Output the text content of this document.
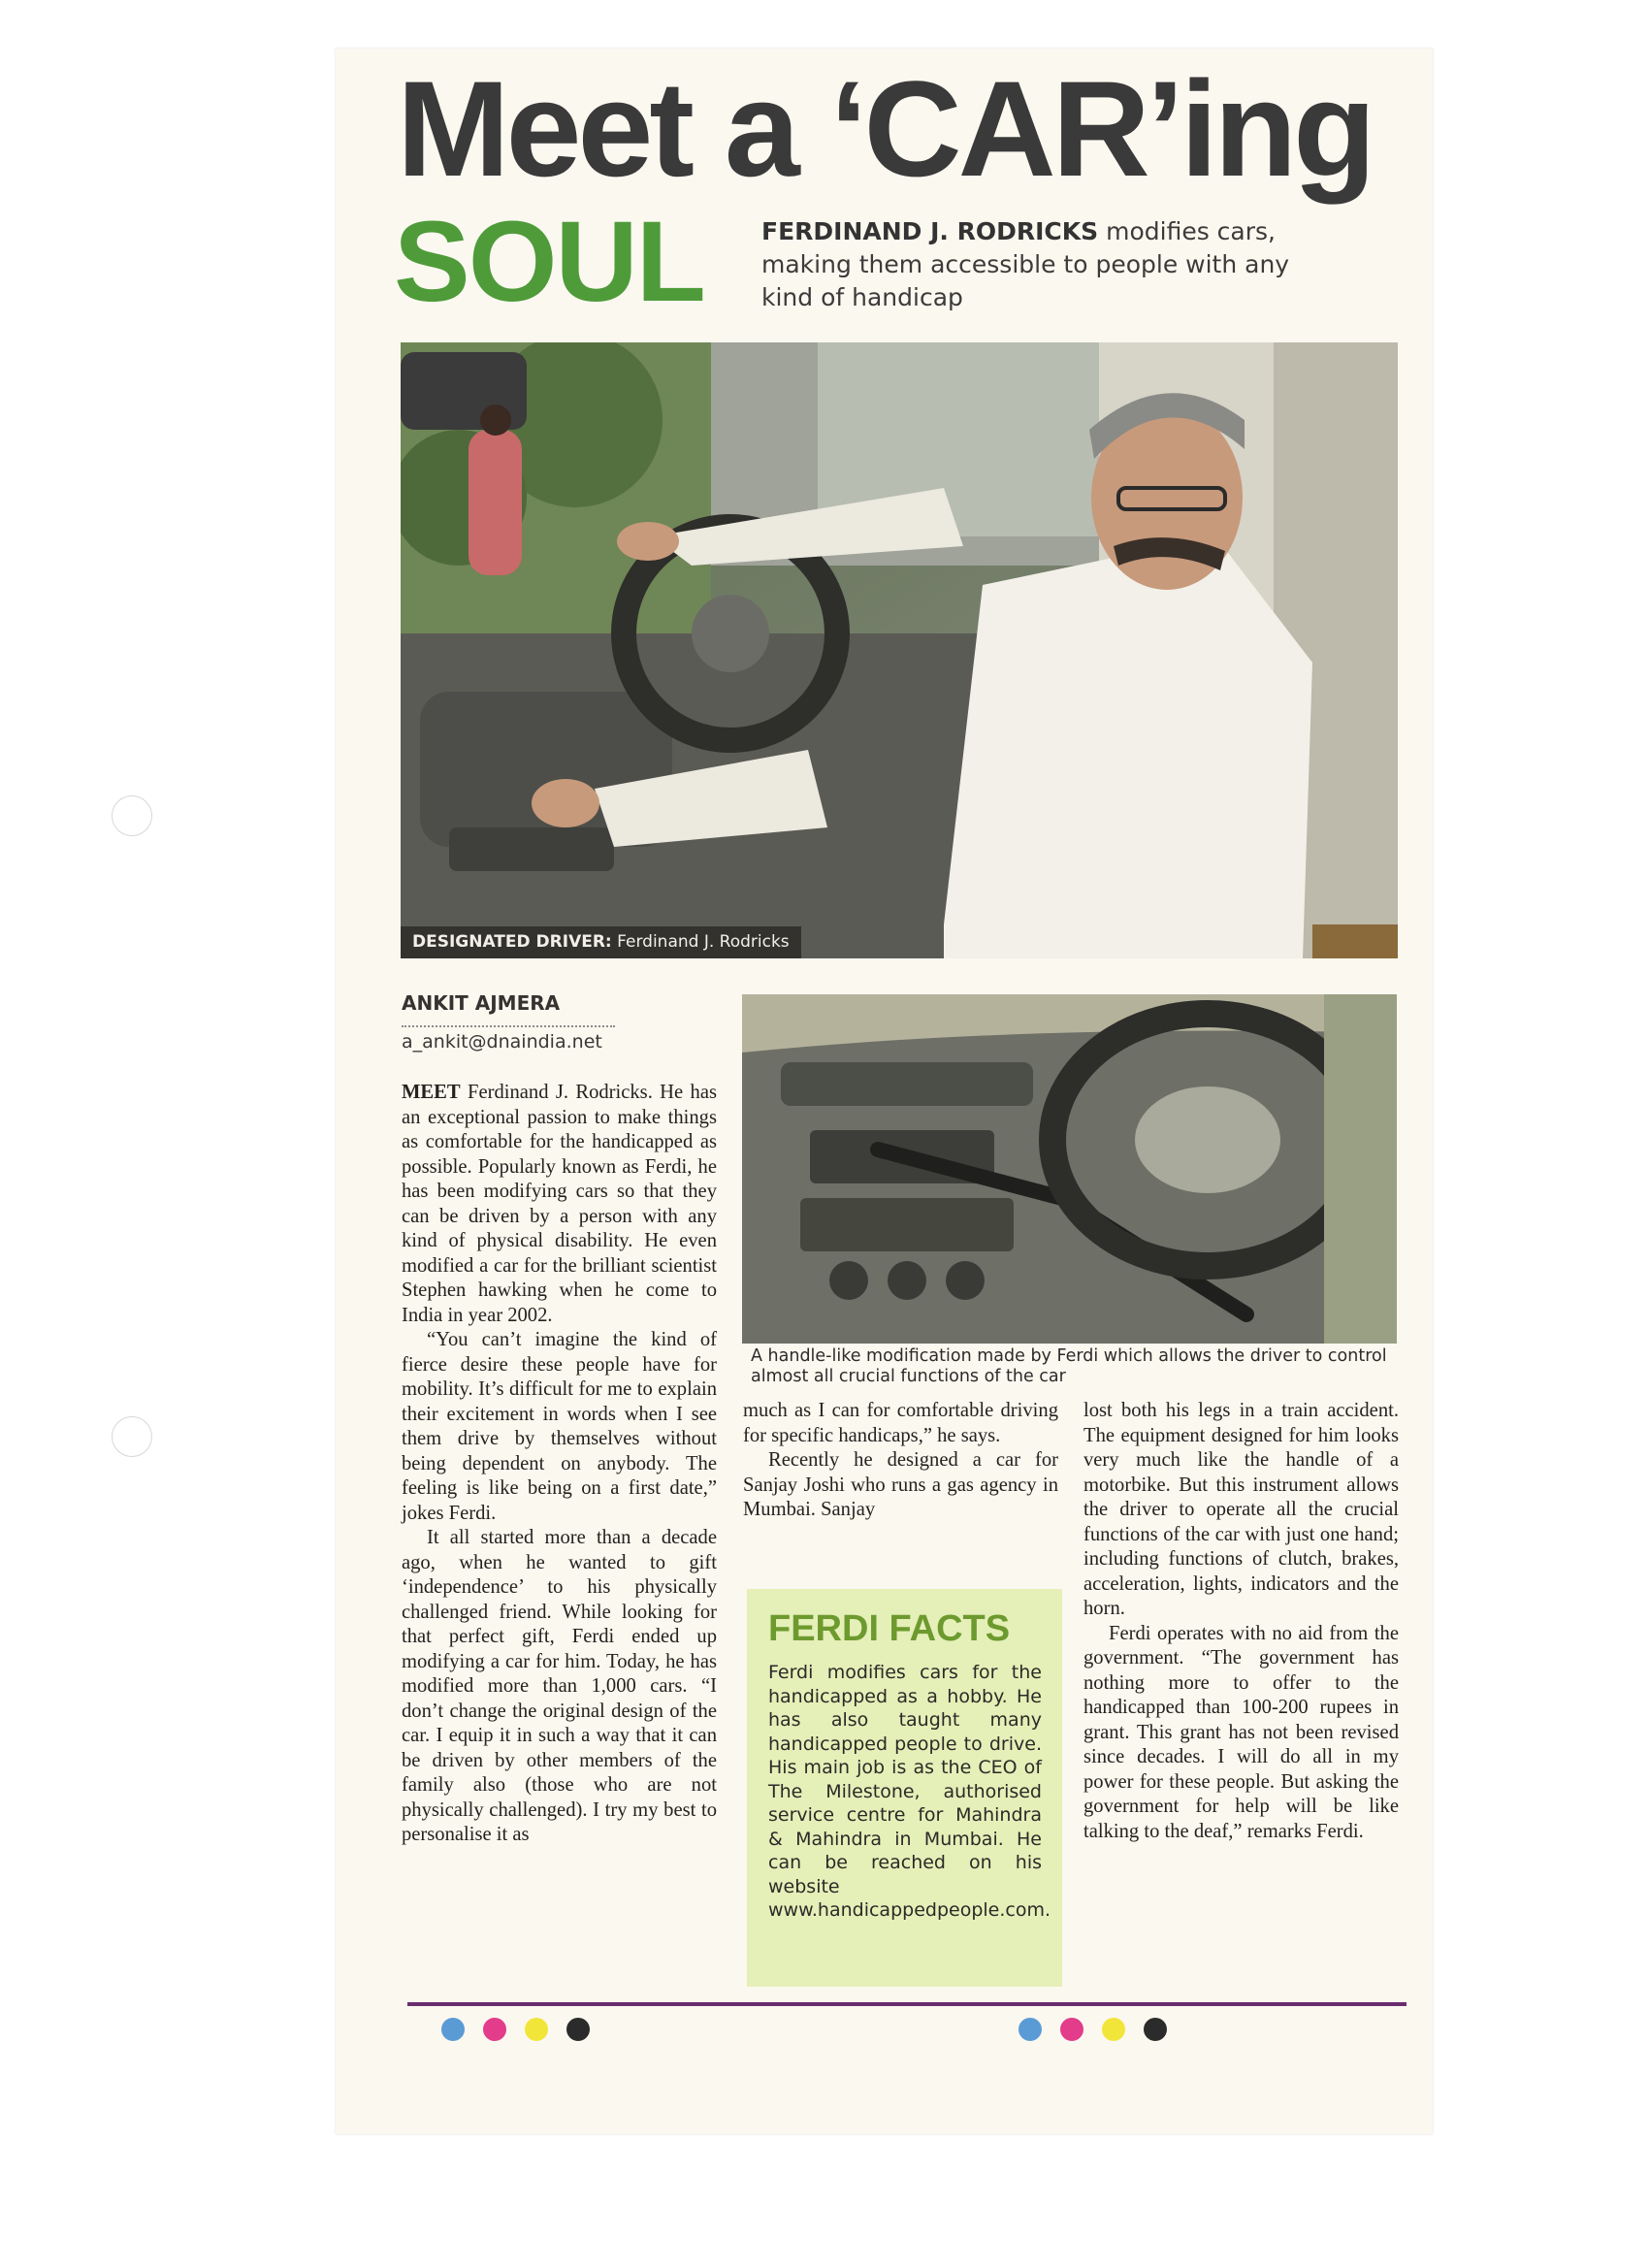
Meet a ‘CAR’ing
SOUL FERDINAND J. RODRICKS modifies cars, making them accessible to people with any kind of handicap
DESIGNATED DRIVER: Ferdinand J. Rodricks
ANKIT AJMERA
a_ankit@dnaindia.net
A handle-like modification made by Ferdi which allows the driver to control almost all crucial functions of the car

MEET Ferdinand J. Rodricks. He has an exceptional passion to make things as comfortable for the handicapped as possible. Popularly known as Ferdi, he has been modifying cars so that they can be driven by a person with any kind of physical disability. He even modified a car for the brilliant scientist Stephen hawking when he come to India in year 2002.

“You can’t imagine the kind of fierce desire these people have for mobility. It’s difficult for me to explain their excitement in words when I see them drive by themselves without being dependent on anybody. The feeling is like being on a first date,” jokes Ferdi.

It all started more than a decade ago, when he wanted to gift ‘independence’ to his physically challenged friend. While looking for that perfect gift, Ferdi ended up modifying a car for him. Today, he has modified more than 1,000 cars. “I don’t change the original design of the car. I equip it in such a way that it can be driven by other members of the family also (those who are not physically challenged). I try my best to personalise it as

much as I can for comfortable driving for specific handicaps,” he says.

Recently he designed a car for Sanjay Joshi who runs a gas agency in Mumbai. Sanjay

FERDI FACTS
Ferdi modifies cars for the handicapped as a hobby. He has also taught many handicapped people to drive. His main job is as the CEO of The Milestone, authorised service centre for Mahindra & Mahindra in Mumbai. He can be reached on his website www.handicappedpeople.com.

lost both his legs in a train accident. The equipment designed for him looks very much like the handle of a motorbike. But this instrument allows the driver to operate all the crucial functions of the car with just one hand; including functions of clutch, brakes, acceleration, lights, indicators and the horn.

Ferdi operates with no aid from the government. “The government has nothing more to offer to the handicapped than 100-200 rupees in grant. This grant has not been revised since decades. I will do all in my power for these people. But asking the government for help will be like talking to the deaf,” remarks Ferdi.
